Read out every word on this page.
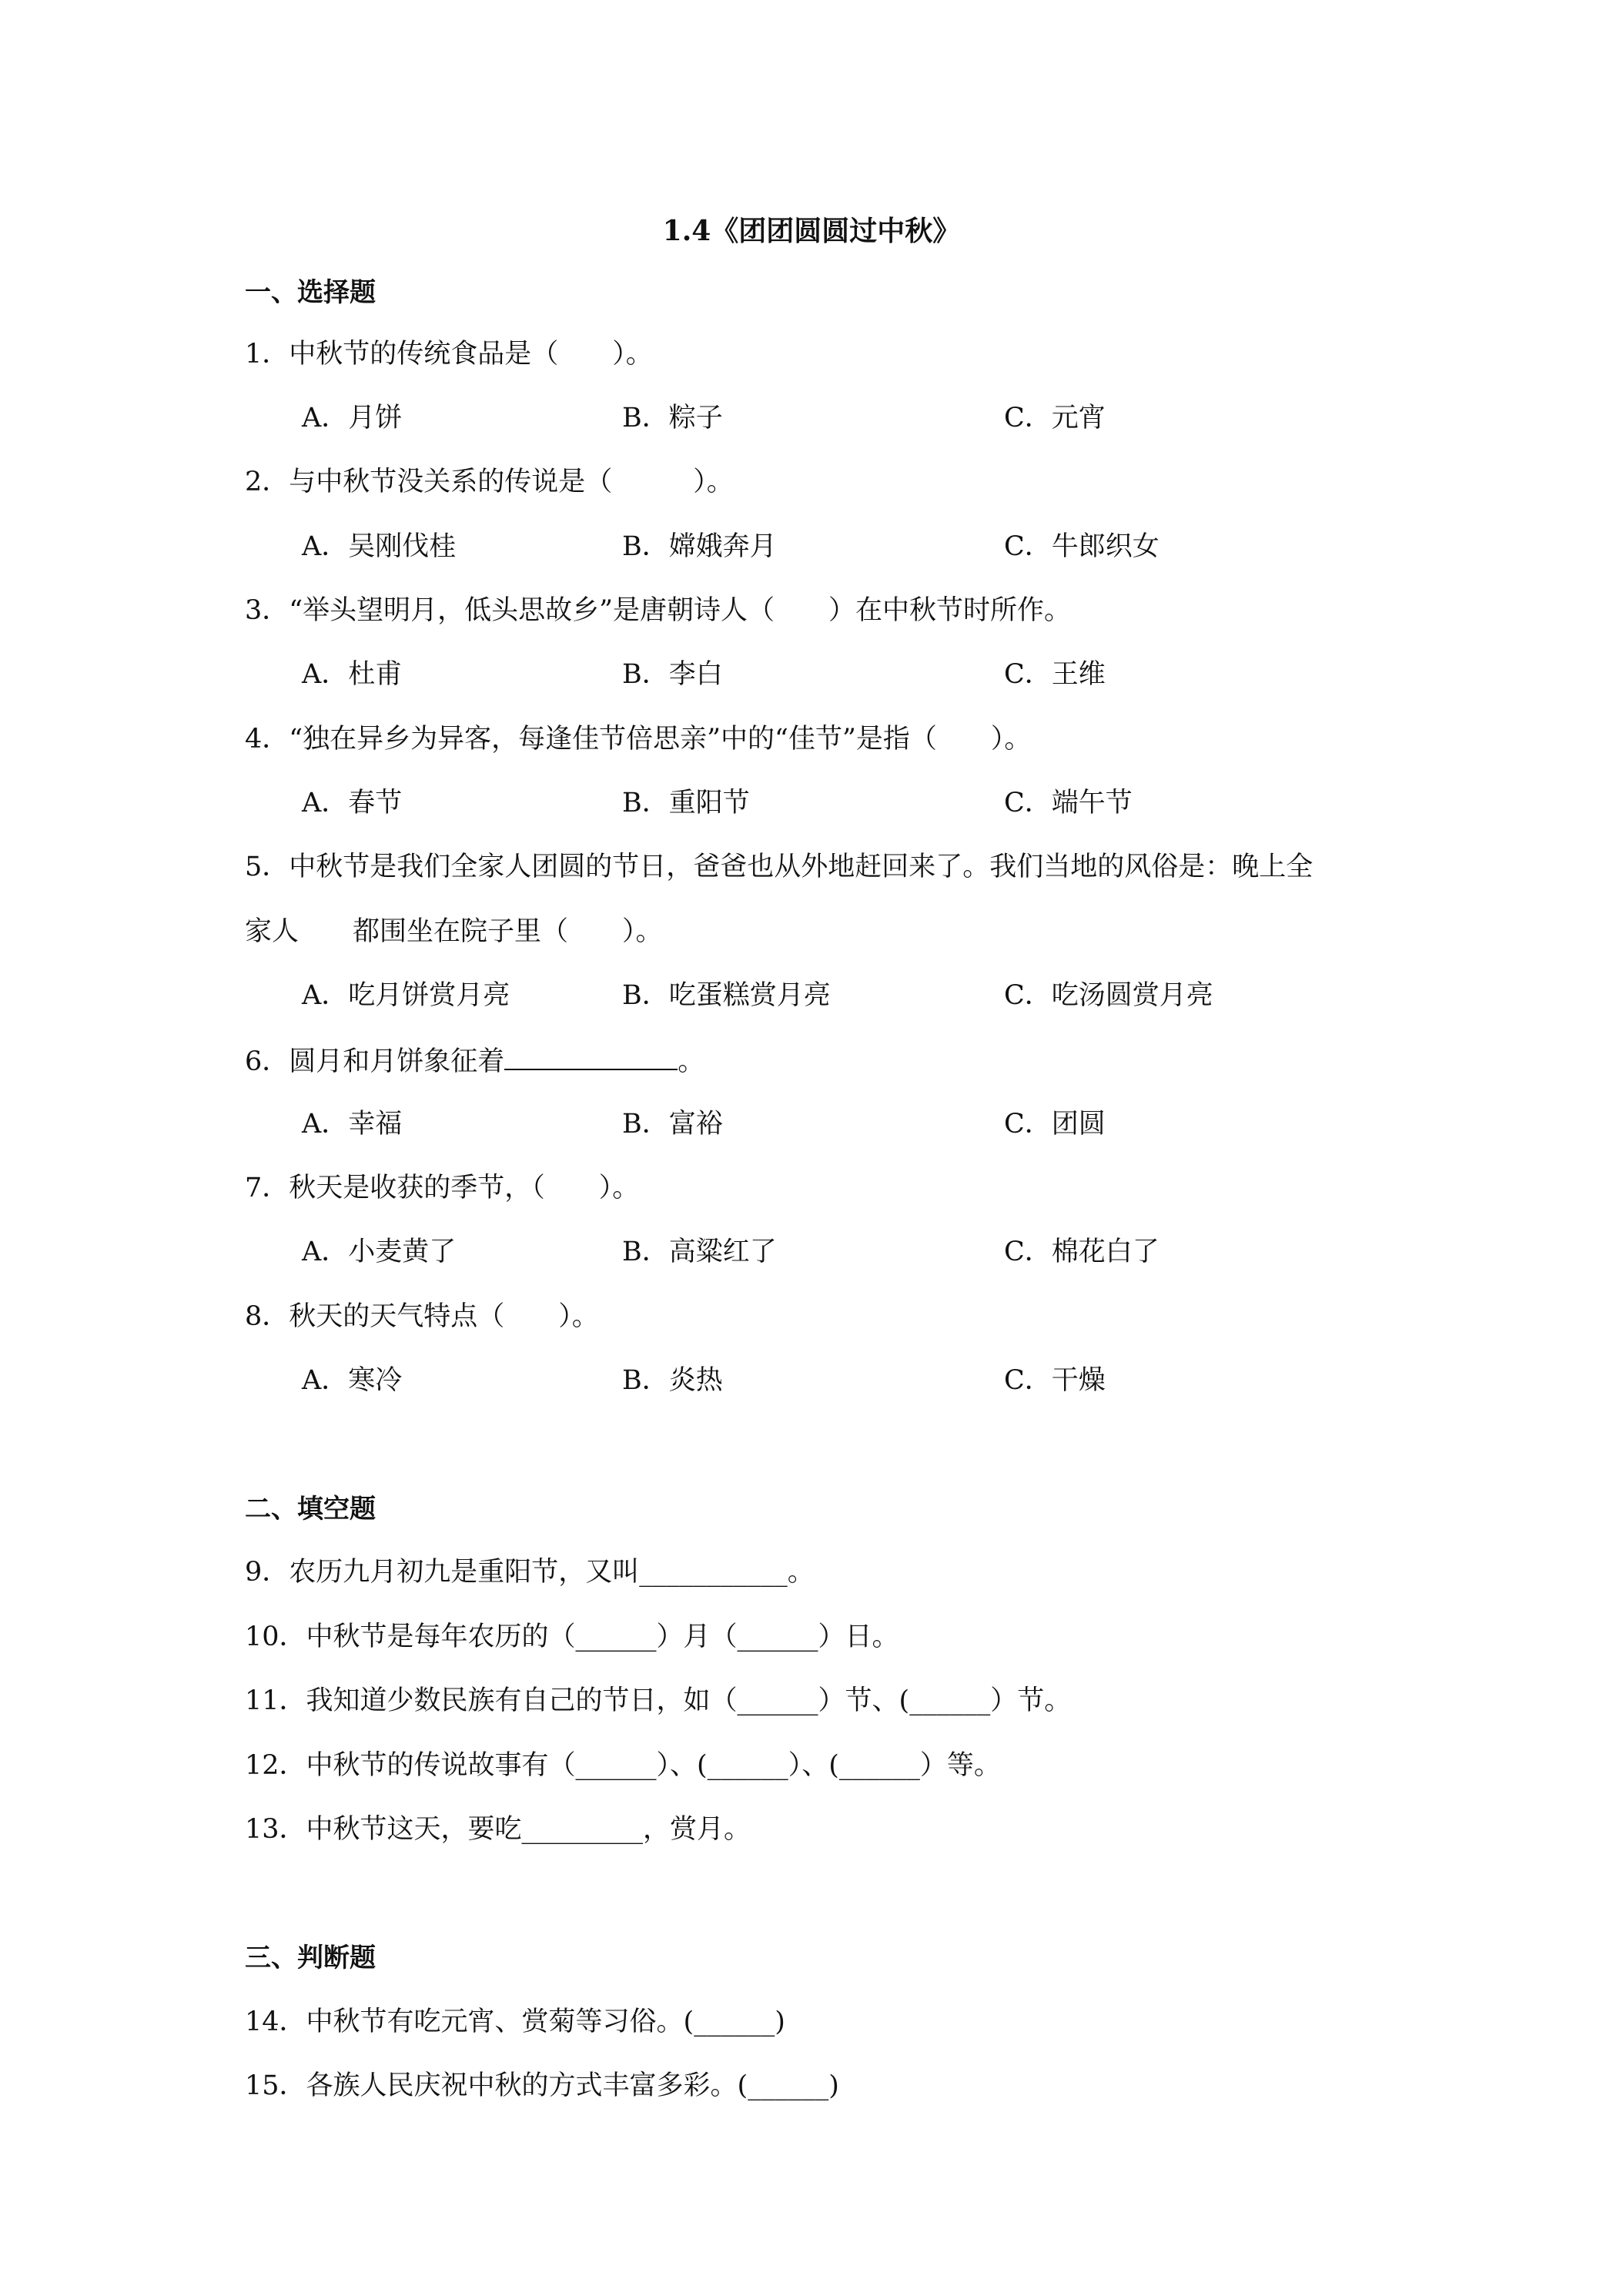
1.4《团团圆圆过中秋》
一、选择题
1．中秋节的传统食品是（　　）。
A．月饼	B．粽子	C．元宵
2．与中秋节没关系的传说是（　　　）。
A．吴刚伐桂	B．嫦娥奔月	C．牛郎织女
3．“举头望明月，低头思故乡”是唐朝诗人（　　）在中秋节时所作。
A．杜甫	B．李白	C．王维
4．“独在异乡为异客，每逢佳节倍思亲”中的“佳节”是指（　　）。
A．春节	B．重阳节	C．端午节
5．中秋节是我们全家人团圆的节日，爸爸也从外地赶回来了。我们当地的风俗是：晚上全
家人　　都围坐在院子里（　　）。
A．吃月饼赏月亮	B．吃蛋糕赏月亮	C．吃汤圆赏月亮
6．圆月和月饼象征着	。
A．幸福	B．富裕	C．团圆
7．秋天是收获的季节，（　　）。
A．小麦黄了	B．高粱红了	C．棉花白了
8．秋天的天气特点（　　）。
A．寒冷	B．炎热	C．干燥
二、填空题
9．农历九月初九是重阳节，又叫___________。
10．中秋节是每年农历的（______）月（______）日。
11．我知道少数民族有自己的节日，如（______）节、(______）节。
12．中秋节的传说故事有（______）、(______）、(______）等。
13．中秋节这天，要吃_________，赏月。
三、判断题
14．中秋节有吃元宵、赏菊等习俗。(______)
15．各族人民庆祝中秋的方式丰富多彩。(______)
